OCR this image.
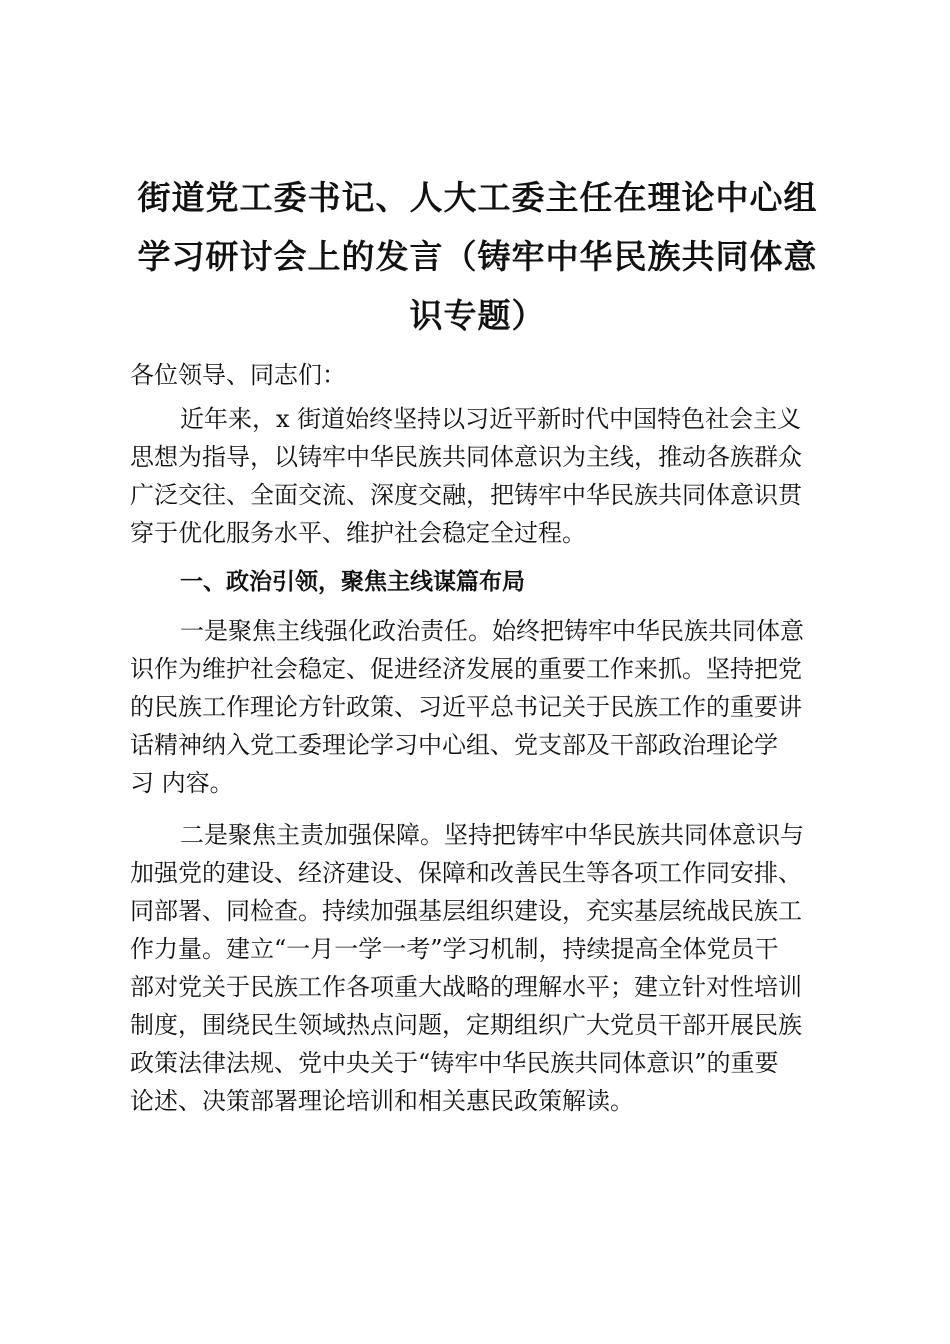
街道党工委书记、人大工委主任在理论中心组
学习研讨会上的发言（铸牢中华民族共同体意
识专题）

各位领导、同志们：

近年来，x 街道始终坚持以习近平新时代中国特色社会主义
思想为指导，以铸牢中华民族共同体意识为主线，推动各族群众
广泛交往、全面交流、深度交融，把铸牢中华民族共同体意识贯
穿于优化服务水平、维护社会稳定全过程。

一、政治引领，聚焦主线谋篇布局

一是聚焦主线强化政治责任。始终把铸牢中华民族共同体意
识作为维护社会稳定、促进经济发展的重要工作来抓。坚持把党
的民族工作理论方针政策、习近平总书记关于民族工作的重要讲
话精神纳入党工委理论学习中心组、党支部及干部政治理论学
习 内容。

二是聚焦主责加强保障。坚持把铸牢中华民族共同体意识与
加强党的建设、经济建设、保障和改善民生等各项工作同安排、
同部署、同检查。持续加强基层组织建设，充实基层统战民族工
作力量。建立“一月一学一考”学习机制，持续提高全体党员干
部对党关于民族工作各项重大战略的理解水平；建立针对性培训
制度，围绕民生领域热点问题，定期组织广大党员干部开展民族
政策法律法规、党中央关于“铸牢中华民族共同体意识”的重要
论述、决策部署理论培训和相关惠民政策解读。
